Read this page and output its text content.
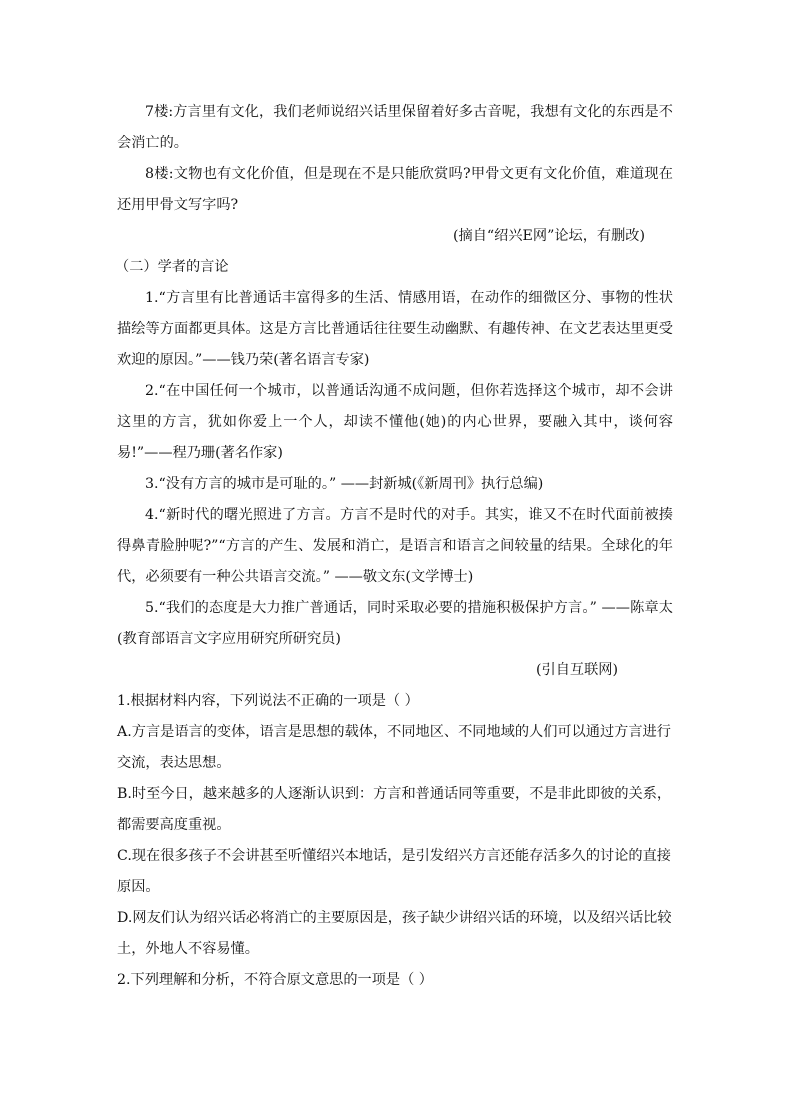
7楼:方言里有文化，我们老师说绍兴话里保留着好多古音呢，我想有文化的东西是不会消亡的。

8楼:文物也有文化价值，但是现在不是只能欣赏吗?甲骨文更有文化价值，难道现在还用甲骨文写字吗?

(摘自“绍兴E网”论坛，有删改)

（二）学者的言论

1.“方言里有比普通话丰富得多的生活、情感用语，在动作的细微区分、事物的性状描绘等方面都更具体。这是方言比普通话往往要生动幽默、有趣传神、在文艺表达里更受欢迎的原因。”——钱乃荣(著名语言专家)

2.“在中国任何一个城市，以普通话沟通不成问题，但你若选择这个城市，却不会讲这里的方言，犹如你爱上一个人，却读不懂他(她)的内心世界，要融入其中，谈何容易!”——程乃珊(著名作家)

3.“没有方言的城市是可耻的。” ——封新城(《新周刊》执行总编)

4.“新时代的曙光照进了方言。方言不是时代的对手。其实，谁又不在时代面前被揍得鼻青脸肿呢?”“方言的产生、发展和消亡，是语言和语言之间较量的结果。全球化的年代，必须要有一种公共语言交流。” ——敬文东(文学博士)

5.“我们的态度是大力推广普通话，同时采取必要的措施积极保护方言。” ——陈章太(教育部语言文字应用研究所研究员)

(引自互联网)

1.根据材料内容，下列说法不正确的一项是（ ）

A.方言是语言的变体，语言是思想的载体，不同地区、不同地域的人们可以通过方言进行交流，表达思想。

B.时至今日，越来越多的人逐渐认识到：方言和普通话同等重要，不是非此即彼的关系，都需要高度重视。

C.现在很多孩子不会讲甚至听懂绍兴本地话，是引发绍兴方言还能存活多久的讨论的直接原因。

D.网友们认为绍兴话必将消亡的主要原因是，孩子缺少讲绍兴话的环境，以及绍兴话比较土，外地人不容易懂。

2.下列理解和分析，不符合原文意思的一项是（ ）
